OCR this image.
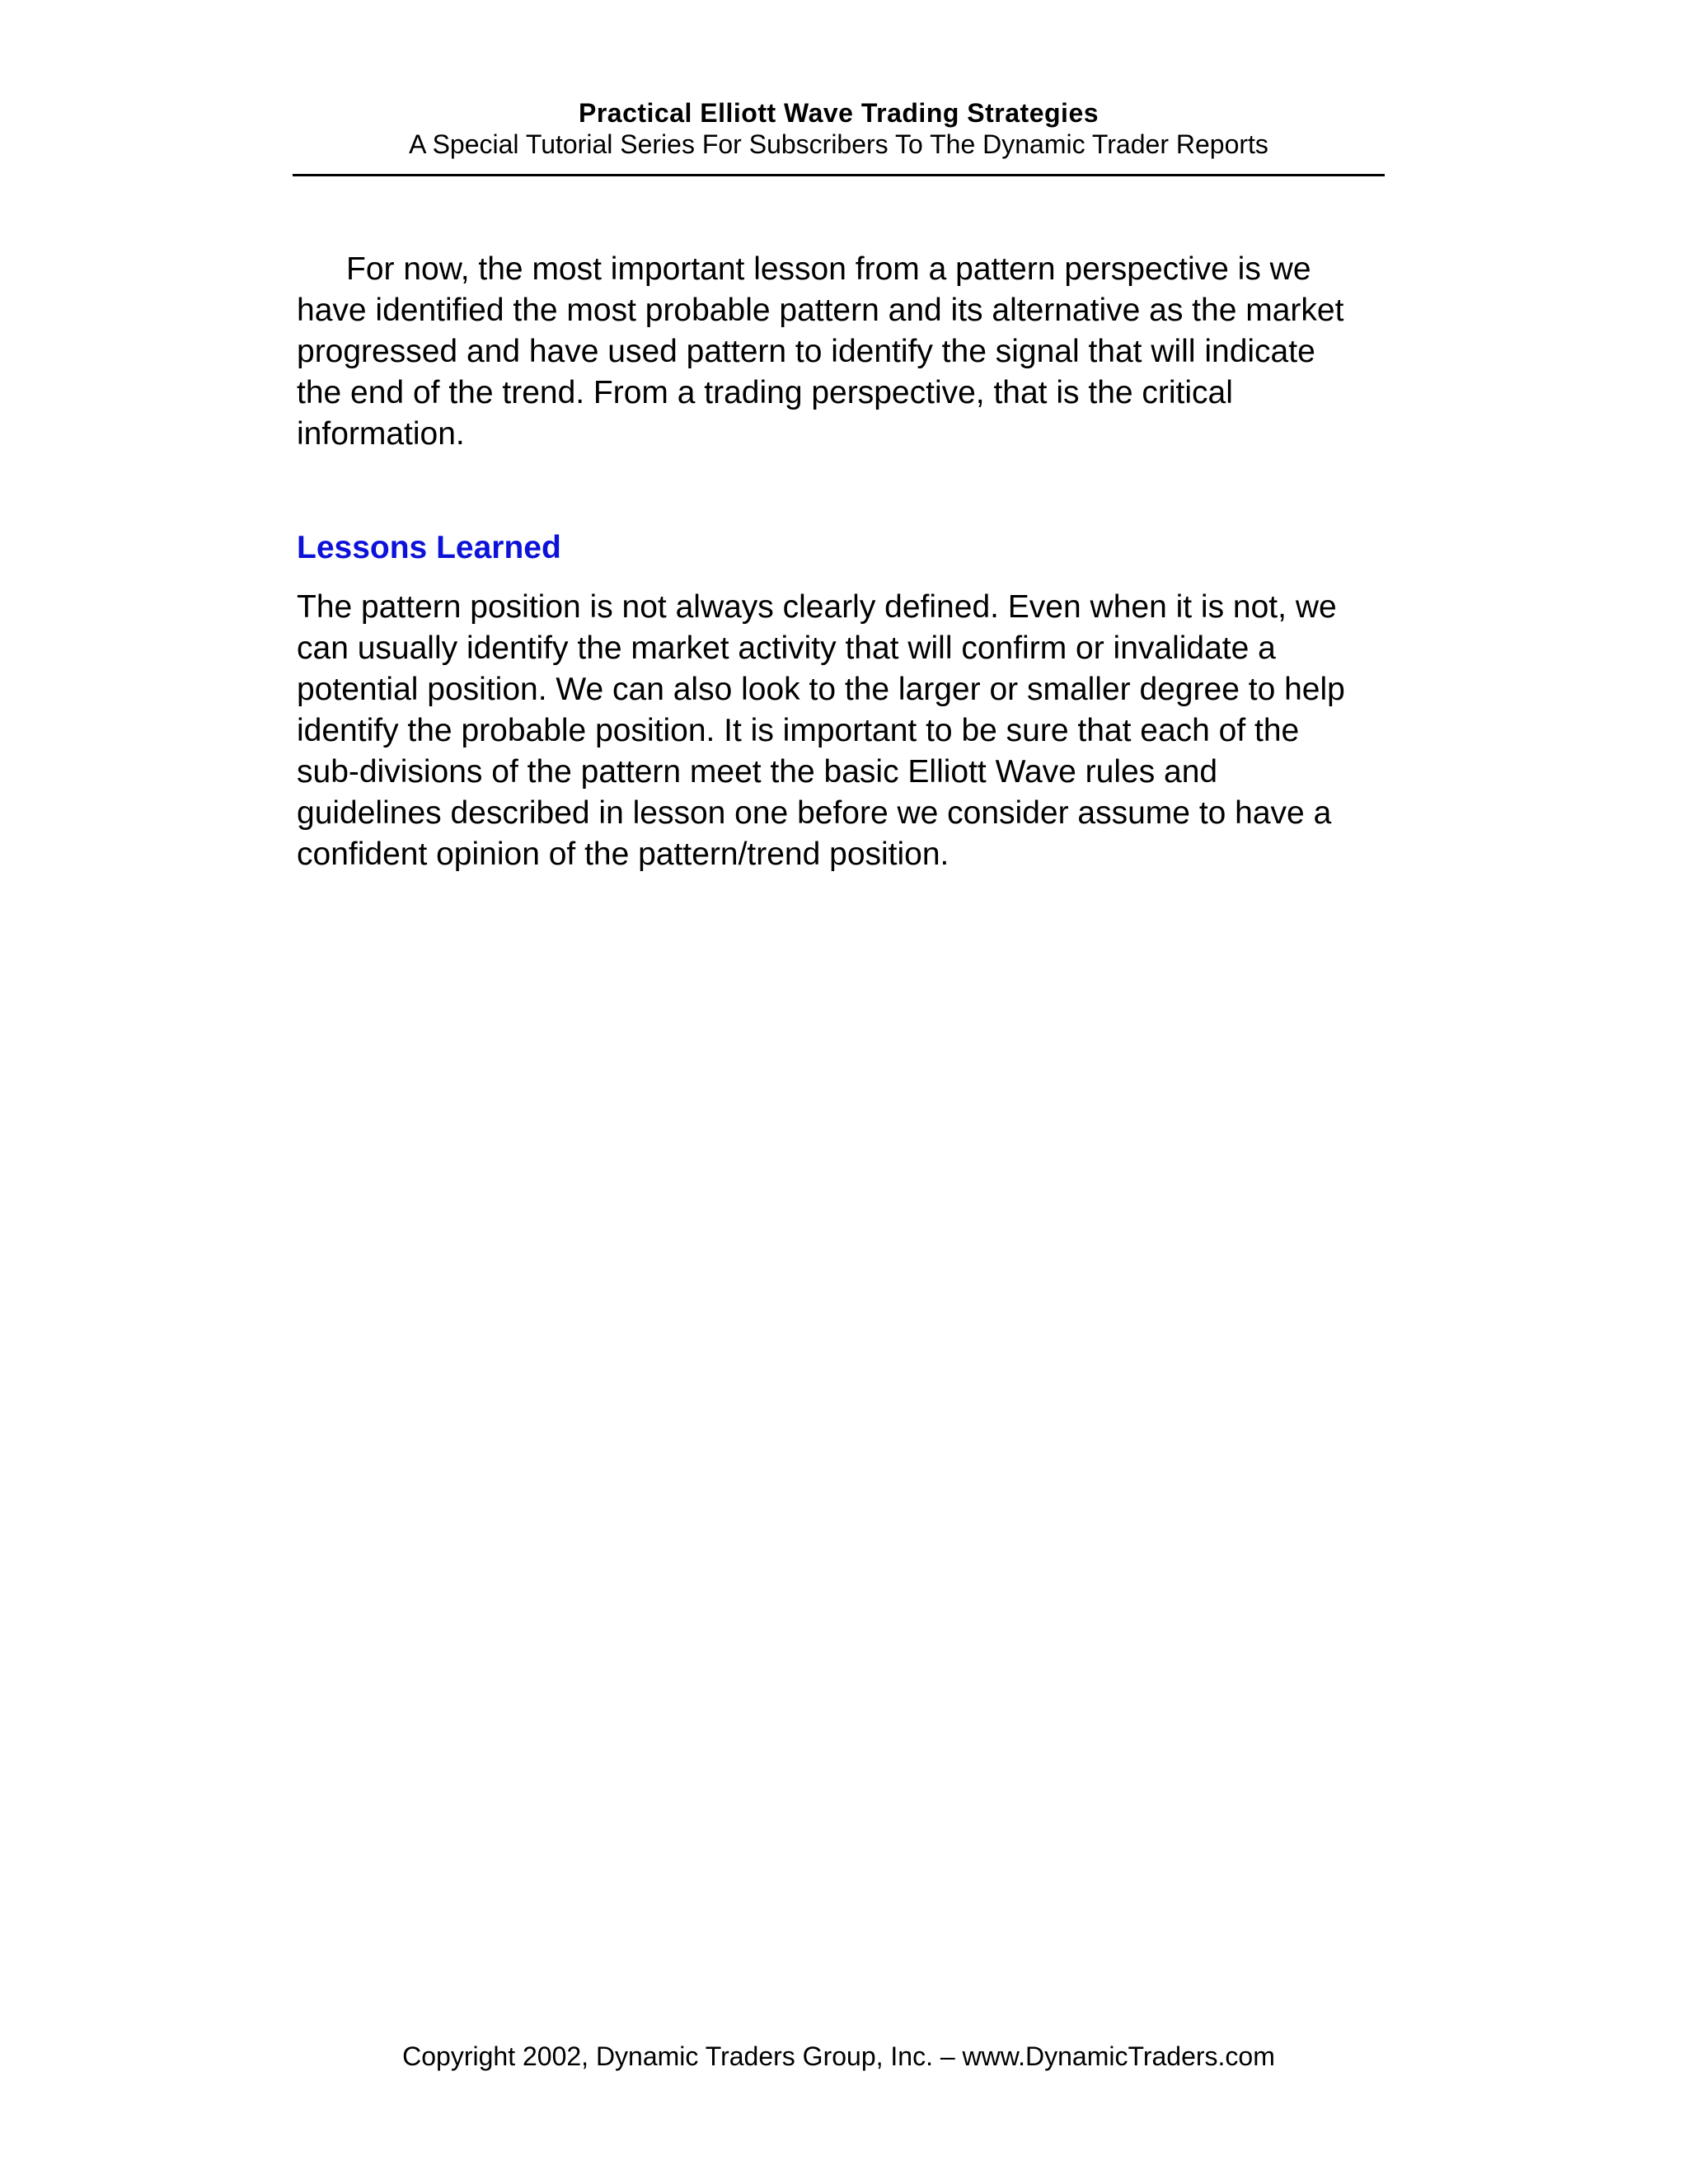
Practical Elliott Wave Trading Strategies
A Special Tutorial Series For Subscribers To The Dynamic Trader Reports

For now, the most important lesson from a pattern perspective is we have identified the most probable pattern and its alternative as the market progressed and have used pattern to identify the signal that will indicate the end of the trend. From a trading perspective, that is the critical information.

Lessons Learned

The pattern position is not always clearly defined. Even when it is not, we can usually identify the market activity that will confirm or invalidate a potential position. We can also look to the larger or smaller degree to help identify the probable position. It is important to be sure that each of the sub-divisions of the pattern meet the basic Elliott Wave rules and guidelines described in lesson one before we consider assume to have a confident opinion of the pattern/trend position.

Copyright 2002, Dynamic Traders Group, Inc. – www.DynamicTraders.com
